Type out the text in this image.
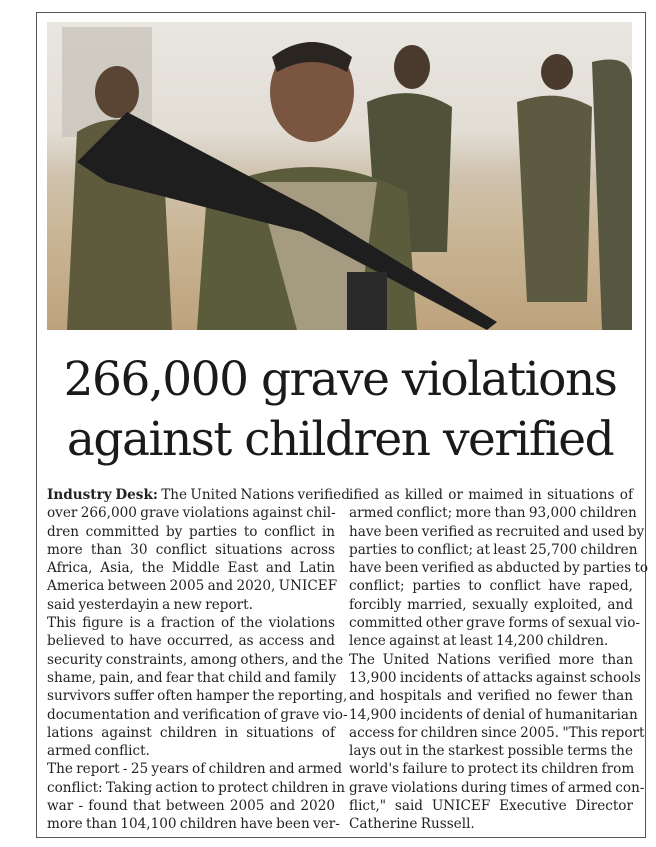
266,000 grave violations
against children verified
Industry Desk: The United Nations verified
over 266,000 grave violations against chil-
dren committed by parties to conflict in
more than 30 conflict situations across
Africa, Asia, the Middle East and Latin
America between 2005 and 2020, UNICEF
said yesterdayin a new report.
This figure is a fraction of the violations
believed to have occurred, as access and
security constraints, among others, and the
shame, pain, and fear that child and family
survivors suffer often hamper the reporting,
documentation and verification of grave vio-
lations against children in situations of
armed conflict.
The report - 25 years of children and armed
conflict: Taking action to protect children in
war - found that between 2005 and 2020
more than 104,100 children have been ver-
ified as killed or maimed in situations of
armed conflict; more than 93,000 children
have been verified as recruited and used by
parties to conflict; at least 25,700 children
have been verified as abducted by parties to
conflict; parties to conflict have raped,
forcibly married, sexually exploited, and
committed other grave forms of sexual vio-
lence against at least 14,200 children.
The United Nations verified more than
13,900 incidents of attacks against schools
and hospitals and verified no fewer than
14,900 incidents of denial of humanitarian
access for children since 2005. "This report
lays out in the starkest possible terms the
world's failure to protect its children from
grave violations during times of armed con-
flict," said UNICEF Executive Director
Catherine Russell.
